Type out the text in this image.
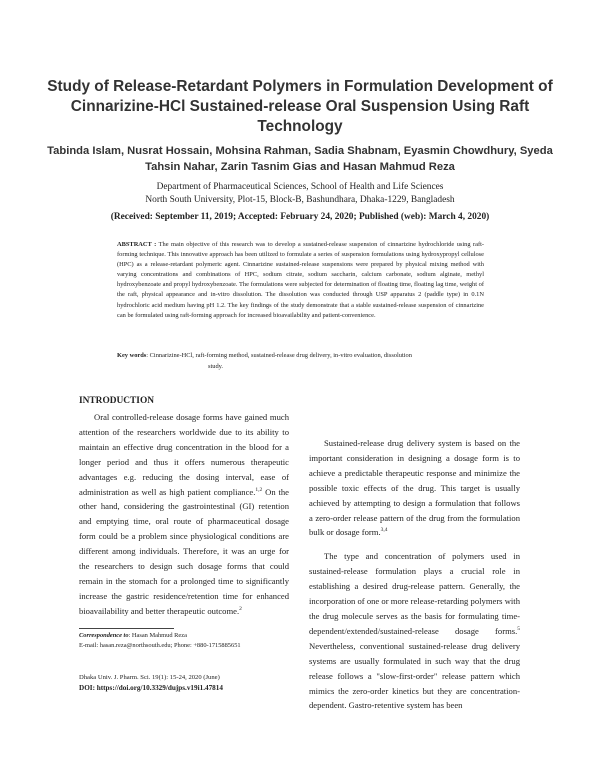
Study of Release-Retardant Polymers in Formulation Development of Cinnarizine-HCl Sustained-release Oral Suspension Using Raft Technology
Tabinda Islam, Nusrat Hossain, Mohsina Rahman, Sadia Shabnam, Eyasmin Chowdhury, Syeda Tahsin Nahar, Zarin Tasnim Gias and Hasan Mahmud Reza
Department of Pharmaceutical Sciences, School of Health and Life Sciences
North South University, Plot-15, Block-B, Bashundhara, Dhaka-1229, Bangladesh
(Received: September 11, 2019; Accepted: February 24, 2020; Published (web): March 4, 2020)
ABSTRACT : The main objective of this research was to develop a sustained-release suspension of cinnarizine hydrochloride using raft-forming technique. This innovative approach has been utilized to formulate a series of suspension formulations using hydroxypropyl cellulose (HPC) as a release-retardant polymeric agent. Cinnarizine sustained-release suspensions were prepared by physical mixing method with varying concentrations and combinations of HPC, sodium citrate, sodium saccharin, calcium carbonate, sodium alginate, methyl hydroxybenzoate and propyl hydroxybenzoate. The formulations were subjected for determination of floating time, floating lag time, weight of the raft, physical appearance and in-vitro dissolution. The dissolution was conducted through USP apparatus 2 (paddle type) in 0.1N hydrochloric acid medium having pH 1.2. The key findings of the study demonstrate that a stable sustained-release suspension of cinnarizine can be formulated using raft-forming approach for increased bioavailability and patient-convenience.
Key words: Cinnarizine-HCl, raft-forming method, sustained-release drug delivery, in-vitro evaluation, dissolution
study.
INTRODUCTION

Oral controlled-release dosage forms have gained much attention of the researchers worldwide due to its ability to maintain an effective drug concentration in the blood for a longer period and thus it offers numerous therapeutic advantages e.g. reducing the dosing interval, ease of administration as well as high patient compliance.$^{1,2}$ On the other hand, considering the gastrointestinal (GI) retention and emptying time, oral route of pharmaceutical dosage form could be a problem since physiological conditions are different among individuals. Therefore, it was an urge for the researchers to design such dosage forms that could remain in the stomach for a prolonged time to significantly increase the gastric residence/retention time for enhanced bioavailability and better therapeutic outcome.$^2$

Sustained-release drug delivery system is based on the important consideration in designing a dosage form is to achieve a predictable therapeutic response and minimize the possible toxic effects of the drug. This target is usually achieved by attempting to design a formulation that follows a zero-order release pattern of the drug from the formulation bulk or dosage form.$^{3,4}$

The type and concentration of polymers used in sustained-release formulation plays a crucial role in establishing a desired drug-release pattern. Generally, the incorporation of one or more release-retarding polymers with the drug molecule serves as the basis for formulating time-dependent/extended/sustained-release dosage forms.$^5$ Nevertheless, conventional sustained-release drug delivery systems are usually formulated in such way that the drug release follows a "slow-first-order" release pattern which mimics the zero-order kinetics but they are concentration-dependent. Gastro-retentive system has been

Correspondence to: Hasan Mahmud Reza
E-mail: hasan.reza@northsouth.edu; Phone: +880-1715885651
Dhaka Univ. J. Pharm. Sci. 19(1): 15-24, 2020 (June)
DOI: https://doi.org/10.3329/dujps.v19i1.47814
